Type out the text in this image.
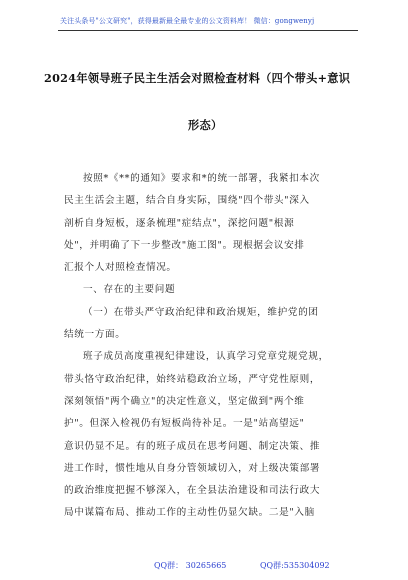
关注头条号"公文研究"，获得最新最全最专业的公文资料库！ 微信：gongwenyj
2024年领导班子民主生活会对照检查材料（四个带头+意识
形态）

按照*《**的通知》要求和*的统一部署，我紧扣本次

民主生活会主题，结合自身实际，围绕"四个带头"深入

剖析自身短板，逐条梳理"症结点"，深挖问题"根源

处"，并明确了下一步整改"施工图"。现根据会议安排

汇报个人对照检查情况。

一、存在的主要问题

（一）在带头严守政治纪律和政治规矩，维护党的团

结统一方面。

班子成员高度重视纪律建设，认真学习党章党规党规，

带头恪守政治纪律，始终站稳政治立场，严守党性原则，

深刻领悟"两个确立"的决定性意义，坚定做到"两个维

护"。但深入检视仍有短板尚待补足。一是"站高望远"

意识仍显不足。有的班子成员在思考问题、制定决策、推

进工作时，惯性地从自身分管领域切入，对上级决策部署

的政治维度把握不够深入，在全县法治建设和司法行政大

局中谋篇布局、推动工作的主动性仍显欠缺。二是"入脑

QQ群： 30265665	QQ群:535304092
